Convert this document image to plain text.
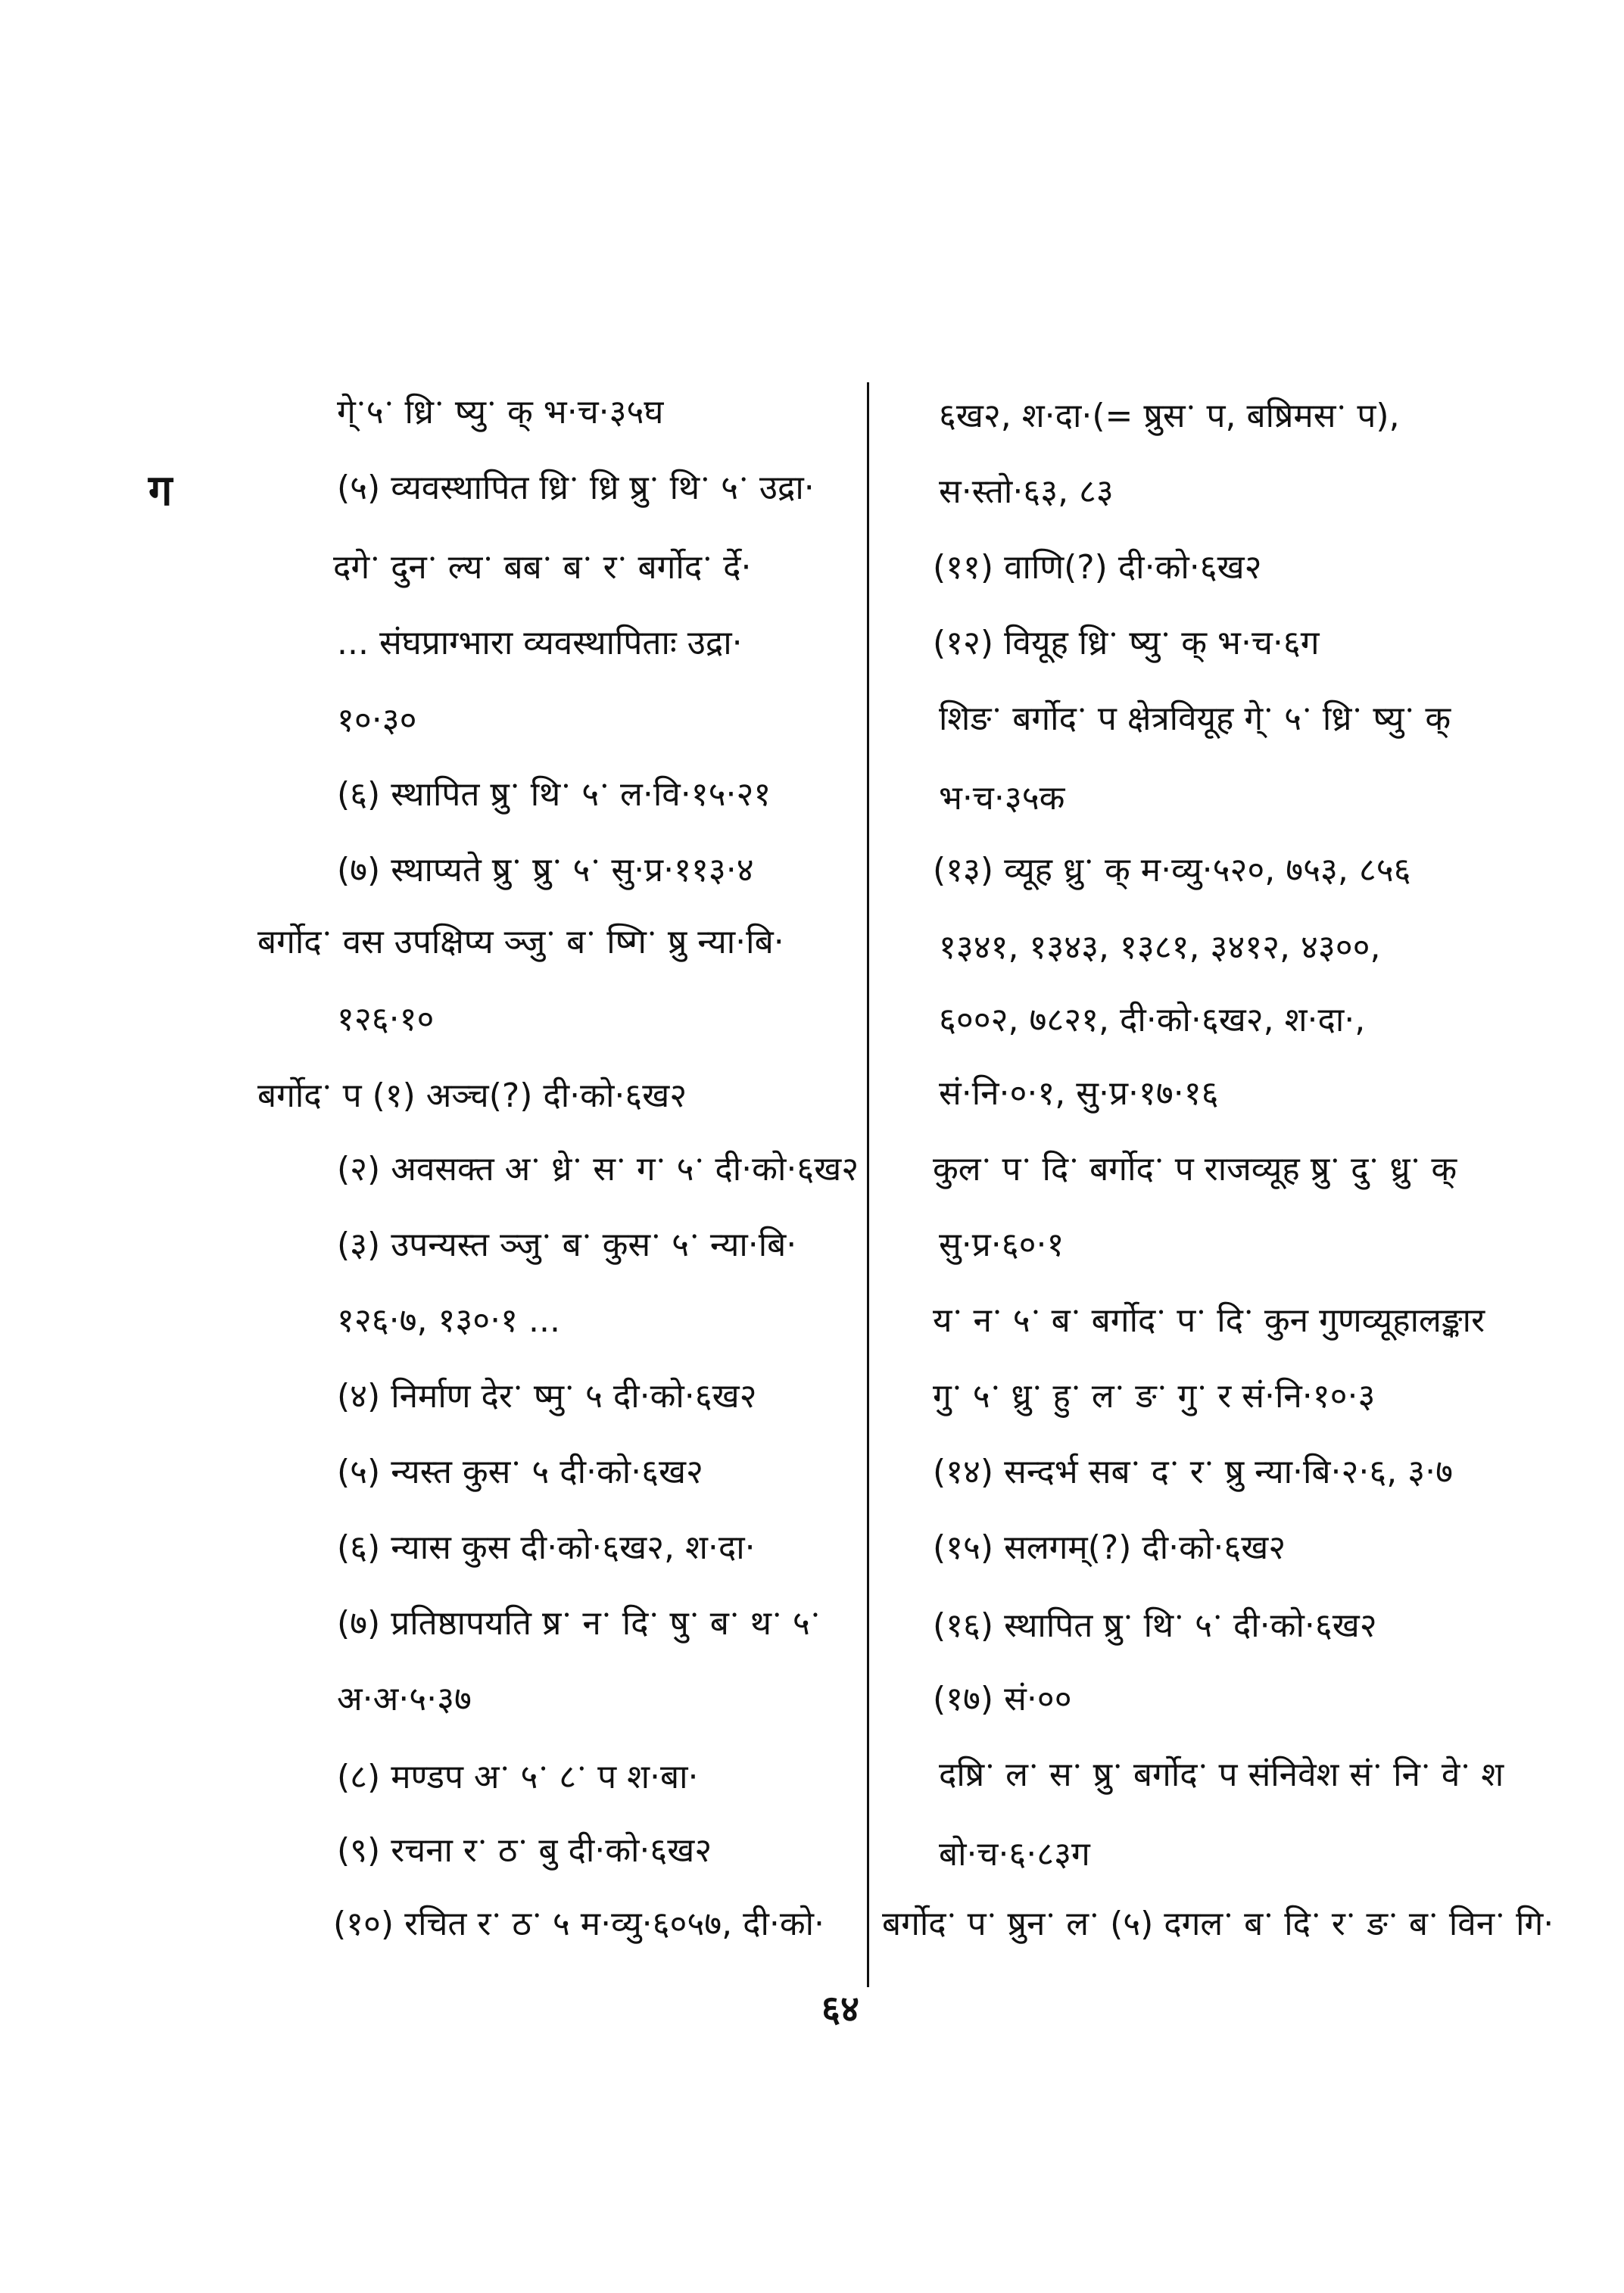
ग
गे्ॱ५ॱ ध्रिॱ ष्युॱ क् भ·च·३५घ
(५) व्यवस्थापित ध्रिॱ ध्रि ष्रुॱ थिॱ ५ॱ उद्रा·
दगेॱ दुनॱ ल्यॱ बबॱ बॱ रॱ बर्गोदॱ र्दे·
... संघप्राग्भारा व्यवस्थापिताः उद्रा·
१०·३०
(६) स्थापित ष्रुॱ थिॱ ५ॱ ल·वि·१५·२१
(७) स्थाप्यते ष्रुॱ ष्रुॱ ५ॱ सु·प्र·११३·४
बर्गोदॱ वस उपक्षिप्य ञ्जुॱ बॱ ष्गिॱ ष्रु न्या·बि·
१२६·१०
बर्गोदॱ प (१) अञ्च(?) दी·को·६ख२
(२) अवसक्त अॱ ध्रेॱ सॱ गॱ ५ॱ दी·को·६ख२
(३) उपन्यस्त ञ्जुॱ बॱ कुसॱ ५ॱ न्या·बि·
१२६·७, १३०·१ ...
(४) निर्माण देरॱ ष्मुॱ ५ दी·को·६ख२
(५) न्यस्त कुसॱ ५ दी·को·६ख२
(६) न्यास कुस दी·को·६ख२, श·दा·
(७) प्रतिष्ठापयति ष्रॱ नॱ दिॱ षुॱ बॱ थॱ ५ॱ
अ·अ·५·३७
(८) मण्डप अॱ ५ॱ ८ॱ प श·बा·
(९) रचना रॱ ठॱ बु दी·को·६ख२
(१०) रचित रॱ ठॱ ५ म·व्यु·६०५७, दी·को·
६ख२, श·दा·(= ष्रुसॱ प, बष्रिमसॱ प),
स·स्तो·६३, ८३
(११) वाणि(?) दी·को·६ख२
(१२) वियूह ध्रिॱ ष्युॱ क् भ·च·६ग
शिङॱ बर्गोदॱ प क्षेत्रवियूह गे्ॱ ५ॱ ध्रिॱ ष्युॱ क्
भ·च·३५क
(१३) व्यूह ध्रुॱ क् म·व्यु·५२०, ७५३, ८५६
१३४१, १३४३, १३८१, ३४१२, ४३००,
६००२, ७८२१, दी·को·६ख२, श·दा·,
सं·नि·०·१, सु·प्र·१७·१६
कुलॱ पॱ दिॱ बर्गोदॱ प राजव्यूह ष्रुॱ दुॱ ध्रुॱ क्
सु·प्र·६०·१
यॱ नॱ ५ॱ बॱ बर्गोदॱ पॱ दिॱ कुन गुणव्यूहालङ्कार
गुॱ ५ॱ ध्रुॱ हुॱ लॱ ङॱ गुॱ र सं·नि·१०·३
(१४) सन्दर्भ सबॱ दॱ रॱ ष्रु न्या·बि·२·६, ३·७
(१५) सलगम्(?) दी·को·६ख२
(१६) स्थापित ष्रुॱ थिॱ ५ॱ दी·को·६ख२
(१७) सं·००
दष्रिॱ लॱ सॱ ष्रुॱ बर्गोदॱ प संनिवेश संॱ निॱ वेॱ श
बो·च·६·८३ग
बर्गोदॱ पॱ ष्रुनॱ लॱ (५) दगलॱ बॱ दिॱ रॱ ङॱ बॱ विनॱ गि·
६४
